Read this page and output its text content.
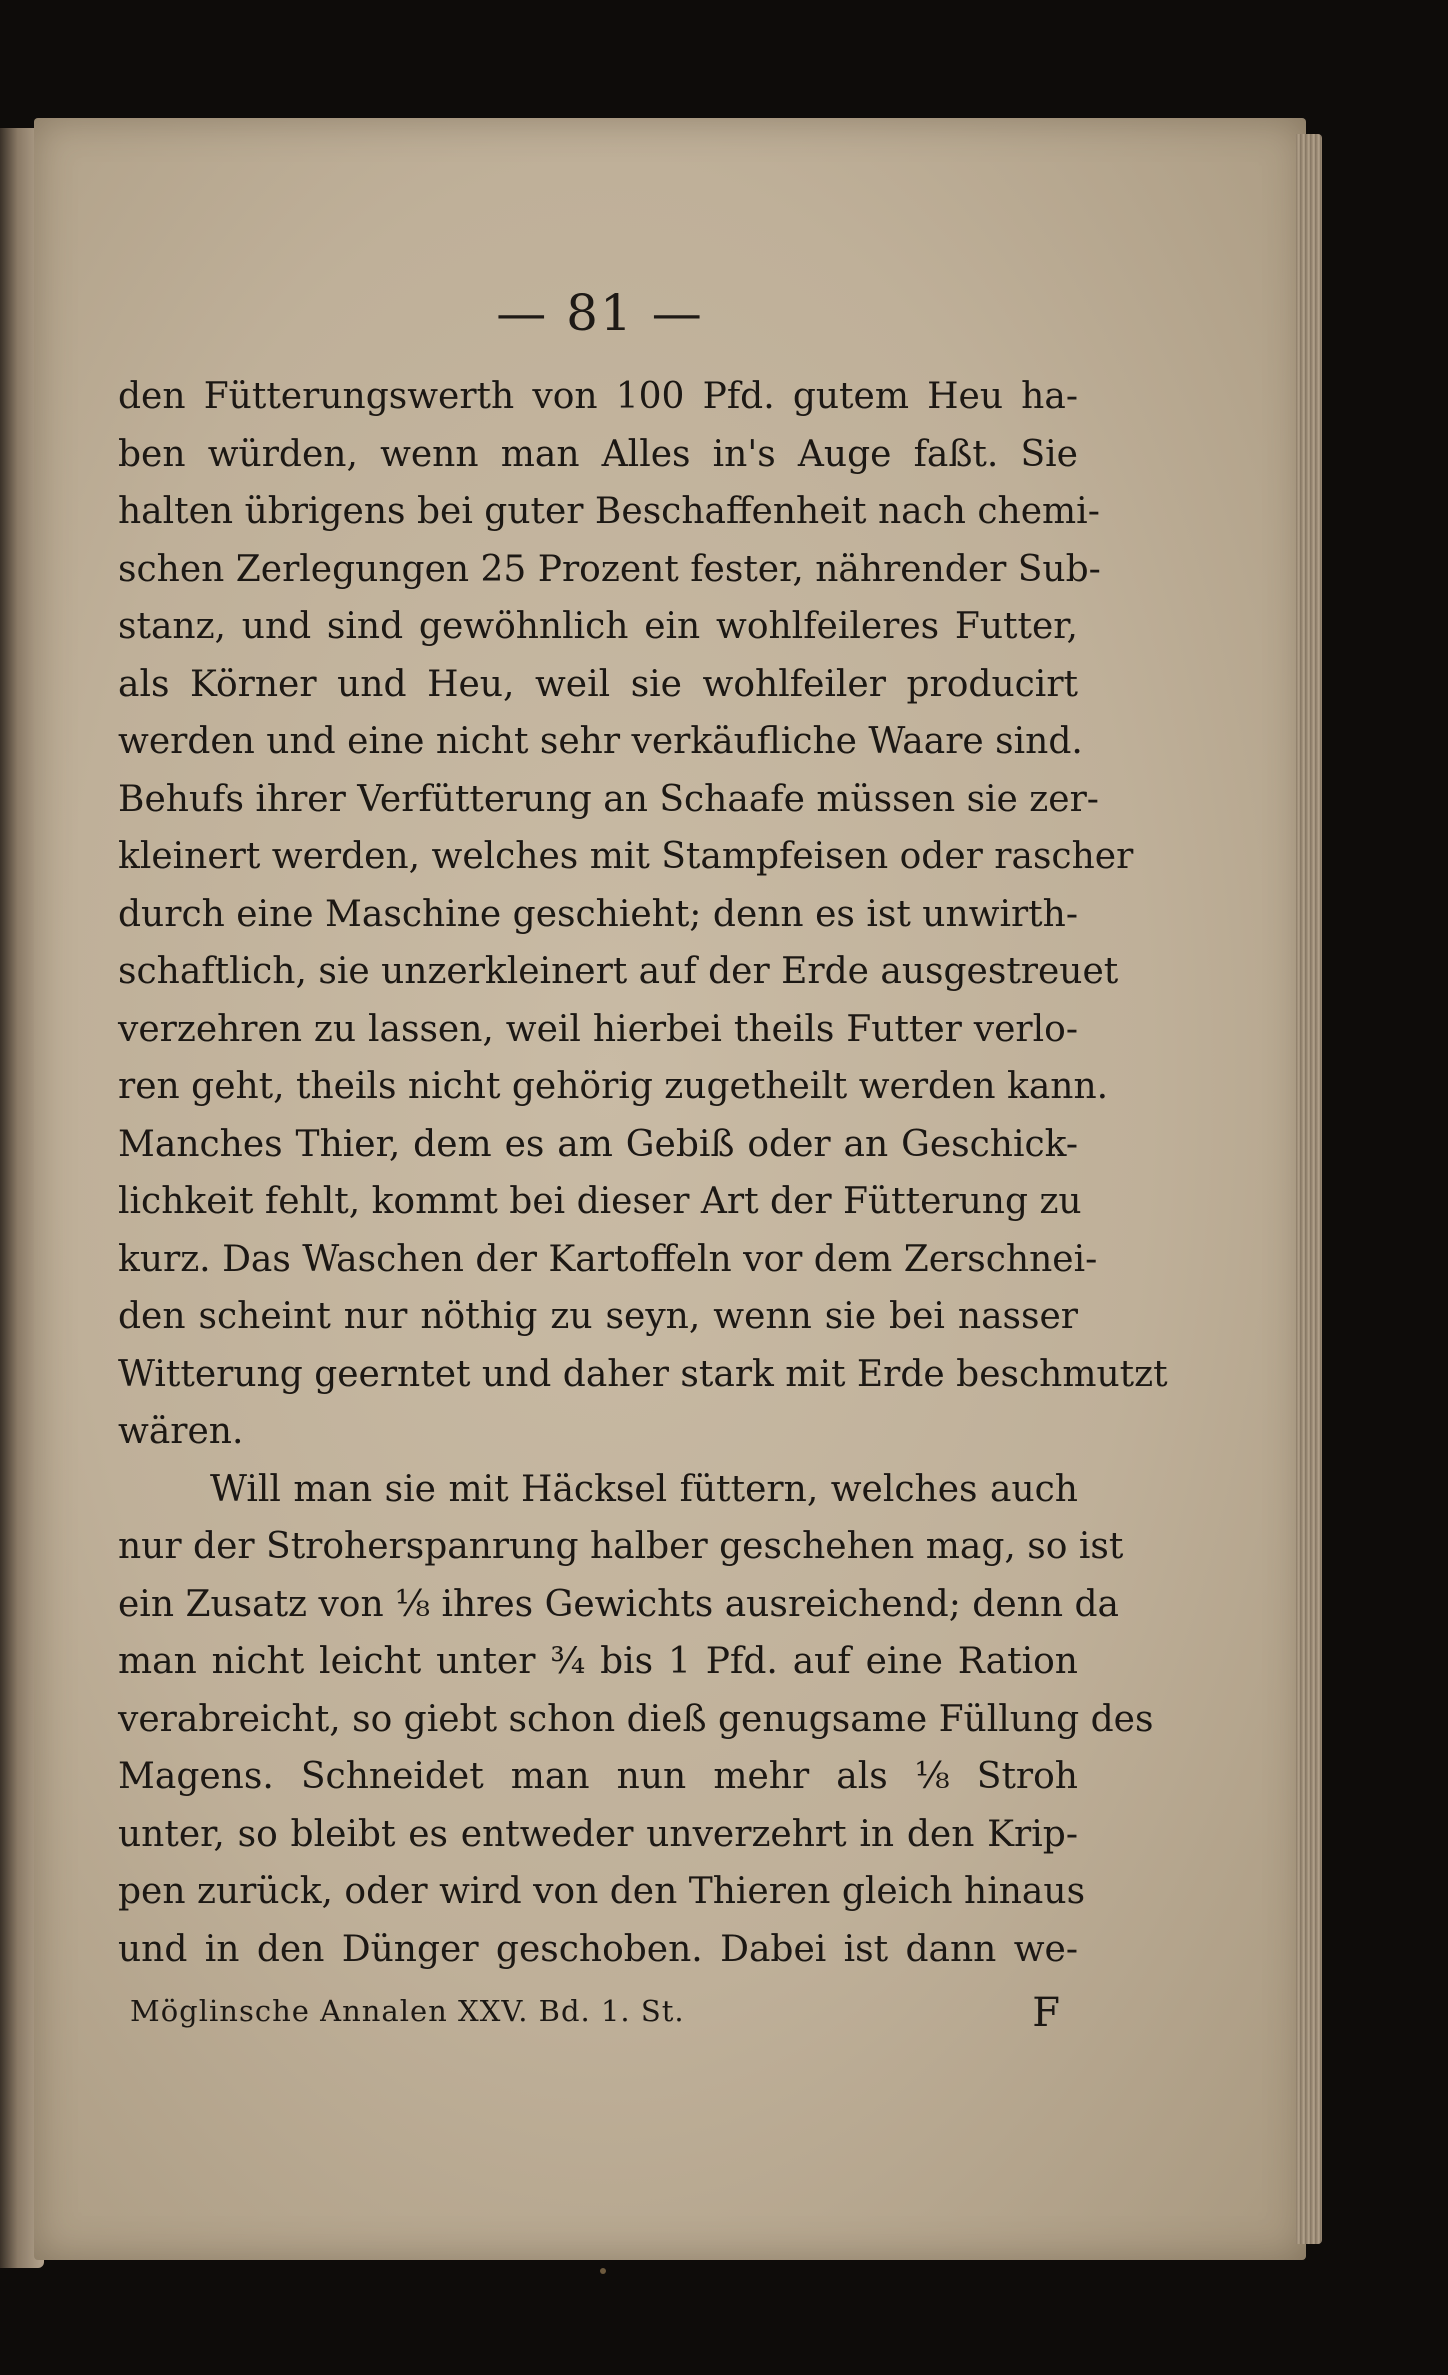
— 81 —
den Fütterungswerth von 100 Pfd. gutem Heu ha-
ben würden, wenn man Alles in's Auge faßt. Sie
halten übrigens bei guter Beschaffenheit nach chemi-
schen Zerlegungen 25 Prozent fester, nährender Sub-
stanz, und sind gewöhnlich ein wohlfeileres Futter,
als Körner und Heu, weil sie wohlfeiler producirt
werden und eine nicht sehr verkäufliche Waare sind.
Behufs ihrer Verfütterung an Schaafe müssen sie zer-
kleinert werden, welches mit Stampfeisen oder rascher
durch eine Maschine geschieht; denn es ist unwirth-
schaftlich, sie unzerkleinert auf der Erde ausgestreuet
verzehren zu lassen, weil hierbei theils Futter verlo-
ren geht, theils nicht gehörig zugetheilt werden kann.
Manches Thier, dem es am Gebiß oder an Geschick-
lichkeit fehlt, kommt bei dieser Art der Fütterung zu
kurz. Das Waschen der Kartoffeln vor dem Zerschnei-
den scheint nur nöthig zu seyn, wenn sie bei nasser
Witterung geerntet und daher stark mit Erde beschmutzt
wären.
Will man sie mit Häcksel füttern, welches auch
nur der Stroherspanrung halber geschehen mag, so ist
ein Zusatz von ⅛ ihres Gewichts ausreichend; denn da
man nicht leicht unter ¾ bis 1 Pfd. auf eine Ration
verabreicht, so giebt schon dieß genugsame Füllung des
Magens. Schneidet man nun mehr als ⅛ Stroh
unter, so bleibt es entweder unverzehrt in den Krip-
pen zurück, oder wird von den Thieren gleich hinaus
und in den Dünger geschoben. Dabei ist dann we-
Möglinsche Annalen XXV. Bd. 1. St.	F
